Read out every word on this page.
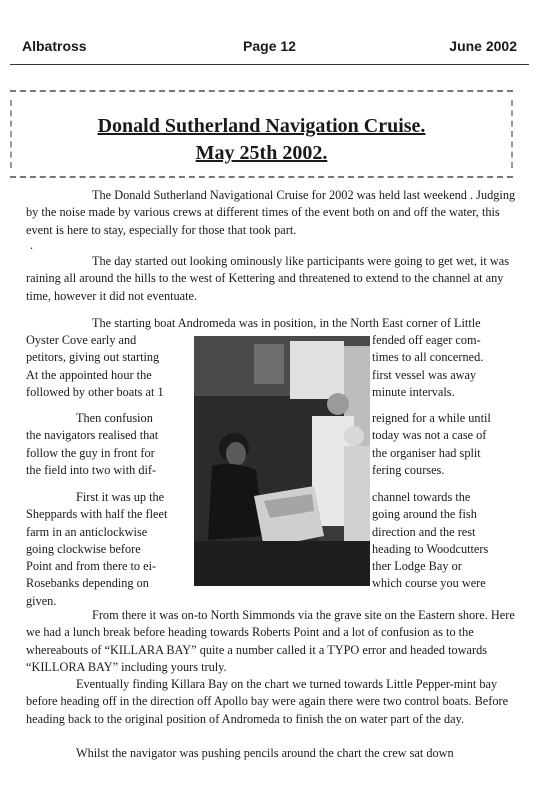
Albatross	Page 12	June 2002
Donald Sutherland Navigation Cruise.
May 25th 2002.

The Donald Sutherland Navigational Cruise for 2002 was held last weekend . Judging by the noise made by various crews at different times of the event both on and off the water, this event is here to stay, especially for those that took part.

.

The day started out looking ominously like participants were going to get wet, it was raining all around the hills to the west of Kettering and threatened to extend to the channel at any time, however it did not eventuate.

The starting boat Andromeda was in position, in the North East corner of Little

Oyster Cove early and
petitors, giving out starting
At the appointed hour the
followed by other boats at 1
fended off eager com-
times to all concerned.
first vessel was away
minute intervals.
Then confusion
the navigators realised that
follow the guy in front for
the field into two with dif-
reigned for a while until
today was not a case of
the organiser had split
fering courses.
First it was up the
Sheppards with half the fleet
farm in an anticlockwise
going clockwise before
Point and from there to ei-
Rosebanks depending on
given.
channel towards the
going around the fish
direction and the rest
heading to Woodcutters
ther Lodge Bay or
which course you were

From there it was on-to North Simmonds via the grave site on the Eastern shore. Here we had a lunch break before heading towards Roberts Point and a lot of confusion as to the whereabouts of “KILLARA BAY” quite a number called it a TYPO error and headed towards “KILLORA BAY” including yours truly.

Eventually finding Killara Bay on the chart we turned towards Little Pepper-mint bay before heading off in the direction off Apollo bay were again there were two control boats. Before heading back to the original position of Andromeda to finish the on water part of the day.

Whilst the navigator was pushing pencils around the chart the crew sat down
